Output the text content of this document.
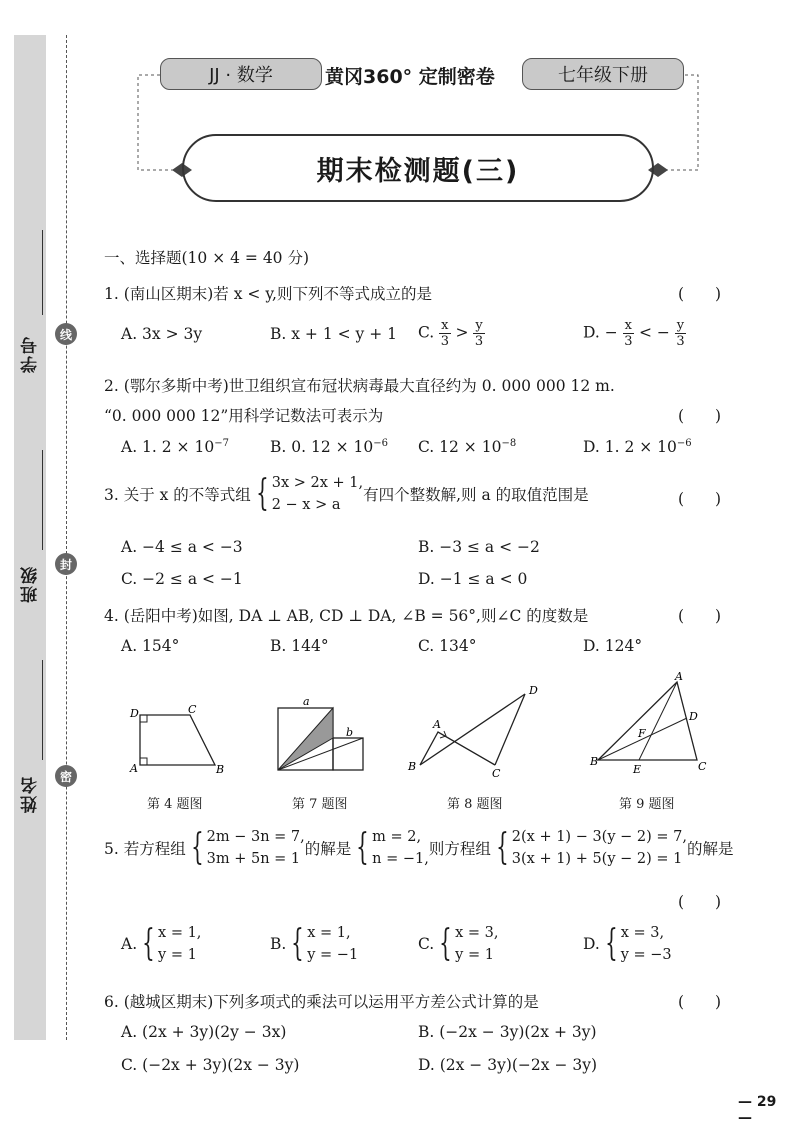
学号
班级
姓名
线
封
密
JJ · 数学	黄冈360° 定制密卷	七年级下册
期末检测题(三)
一、选择题(10 × 4 = 40 分)
1. (南山区期末)若 x < y,则下列不等式成立的是	(　　)
A. 3x > 3y	B. x + 1 < y + 1 C. $\frac{x}{3} > \frac{y}{3}$	D. − $\frac{x}{3}$ < − $\frac{y}{3}$
2. (鄂尔多斯中考)世卫组织宣布冠状病毒最大直径约为 0. 000 000 12 m.
“0. 000 000 12”用科学记数法可表示为	(　　)
A. 1. $2 \times 10^{-7}$	B. 0. $12 \times 10^{-6}$ C. $12 \times 10^{-8}$	D. 1. $2 \times 10^{-6}$
3. 关于 x 的不等式组 { 3x > 2x + 1,
2 − x > a
有四个整数解,则 a 的取值范围是	(　　)
A. −4 ≤ a < −3	B. −3 ≤ a < −2
C. −2 ≤ a < −1	D. −1 ≤ a < 0
4. (岳阳中考)如图, DA ⊥ AB, CD ⊥ DA, ∠B = 56°,则∠C 的度数是	(　　)
A. 154°	B. 144°	C. 134°	D. 124°
D	C
A	B
a
b
A
B
C
D
A
B	C
D
E
F
第 4 题图	第 7 题图	第 8 题图	第 9 题图
5. 若方程组 { 2m − 3n = 7,
3m + 5n = 1
的解是 { m = 2,
n = −1,
则方程组 { 2(x + 1) − 3(y − 2) = 7,
3(x + 1) + 5(y − 2) = 1
的解是
(　　)
A. { x = 1,
y = 1
B. { x = 1,
y = −1
C. { x = 3,
y = 1
D. { x = 3,
y = −3
6. (越城区期末)下列多项式的乘法可以运用平方差公式计算的是	(　　)
A. (2x + 3y)(2y − 3x)	B. (−2x − 3y)(2x + 3y)
C. (−2x + 3y)(2x − 3y)	D. (2x − 3y)(−2x − 3y)
— 29 —
